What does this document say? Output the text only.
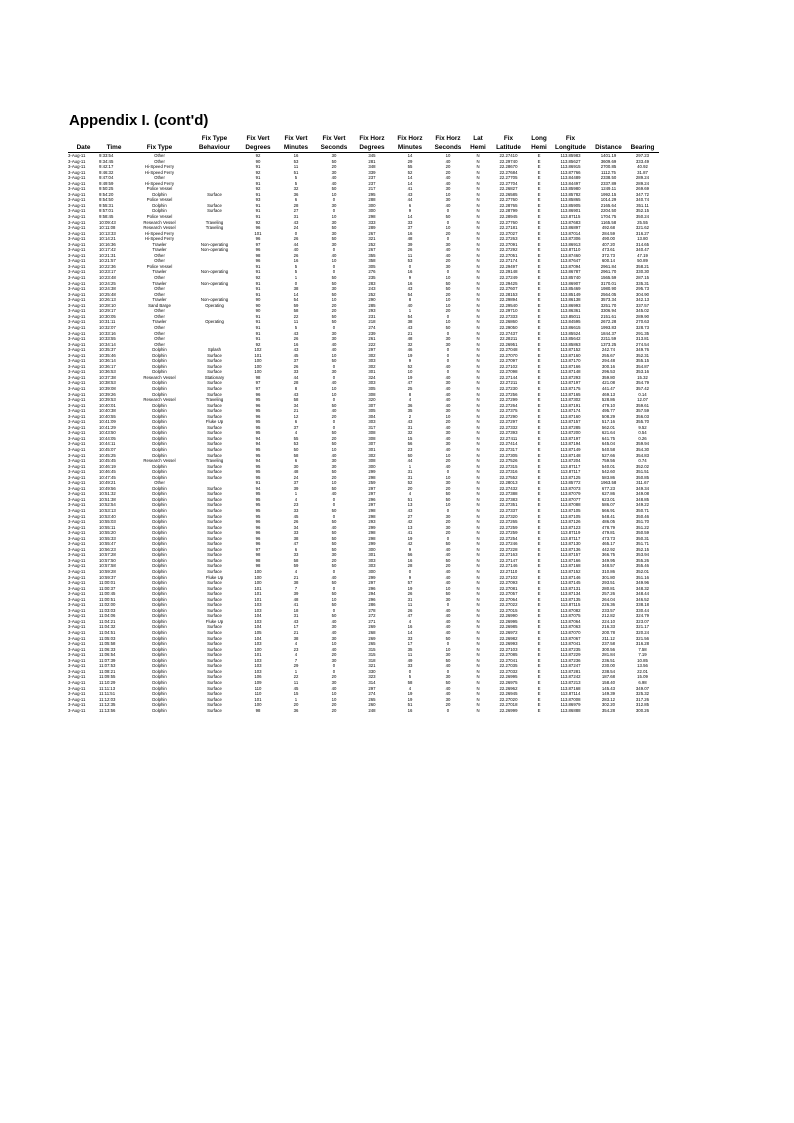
Appendix I. (cont'd)
			Fix Type	Fix Vert	Fix Vert	Fix Vert	Fix Horz	Fix Horz	Fix Horz	Lat	Fix	Long	Fix		
Date	Time	Fix Type	Behaviour	Degrees	Minutes	Seconds	Degrees	Minutes	Seconds	Hemi	Latitude	Hemi	Longitude	Distance	Bearing
3-Aug-11	9:33:54	Other		92	16	30	345	14	10	N	22.27410	E	113.85983	1401.19	297.23
3-Aug-11	9:34:45	Other		90	53	50	281	29	40	N	22.29740	E	113.85627	3609.69	333.49
3-Aug-11	9:42:17	Hi-Speed Ferry		91	11	20	348	55	20	N	22.28670	E	113.86915	2700.85	40.92
3-Aug-11	9:46:32	Hi-Speed Ferry		92	51	30	339	52	20	N	22.27684	E	113.87766	1112.75	31.87
3-Aug-11	9:47:04	Other		91	5	40	237	14	40	N	22.27705	E	113.84489	2338.50	289.24
3-Aug-11	9:49:59	Hi-Speed Ferry		91	5	40	237	14	40	N	22.27704	E	113.84497	2337.89	289.24
3-Aug-11	9:50:25	Police Vessel		92	32	50	217	41	30	N	22.26827	E	113.85980	1249.11	269.69
3-Aug-11	9:54:20	Dolphin	Surface	91	36	10	295	43	10	N	22.26585	E	113.85782	1992.15	347.72
3-Aug-11	9:54:50	Police Vessel		93	6	0	288	44	30	N	22.27760	E	113.85865	1014.29	340.74
3-Aug-11	9:55:31	Dolphin	Surface	91	28	30	300	6	40	N	22.28765	E	113.85905	2165.64	351.11
3-Aug-11	9:57:01	Dolphin	Surface	91	27	0	300	9	0	N	22.28799	E	113.86901	2204.50	352.15
3-Aug-11	9:58:45	Police Vessel		91	31	10	298	14	50	N	22.28945	E	113.87115	1704.75	350.24
3-Aug-11	10:09:43	Research Vessel	Traveling	92	43	30	333	33	0	N	22.27760	E	113.87683	1165.58	25.55
3-Aug-11	10:11:08	Research Vessel	Traveling	96	24	50	289	37	10	N	22.27181	E	113.86897	492.68	321.62
3-Aug-11	10:13:33	Hi-Speed Ferry		101	0	30	267	16	20	N	22.27027	E	113.87014	284.59	316.27
3-Aug-11	10:14:21	Hi-Speed Ferry		96	26	50	321	48	0	N	22.27263	E	113.87306	490.00	13.80
3-Aug-11	10:16:36	Trawler	Non-operating	97	44	30	252	39	30	N	22.27091	E	113.86913	407.20	314.65
3-Aug-11	10:17:42	Trawler	Non-operating	96	40	0	267	26	40	N	22.27292	E	113.87110	473.61	340.47
3-Aug-11	10:21:31	Other		98	26	40	355	11	40	N	22.27051	E	113.87460	372.73	47.19
3-Aug-11	10:21:57	Other		96	16	10	358	53	20	N	22.27174	E	113.87647	600.14	50.89
3-Aug-11	10:22:36	Police Vessel		91	5	0	305	0	30	N	22.29497	E	113.87094	2961.84	358.21
3-Aug-11	10:23:17	Trawler	Non-operating	91	5	0	276	16	0	N	22.29148	E	113.86787	2961.70	330.30
3-Aug-11	10:23:48	Other		92	1	50	235	9	10	N	22.27249	E	113.85740	1565.59	287.15
3-Aug-11	10:24:25	Trawler	Non-operating	91	0	50	283	16	50	N	22.29425	E	113.86907	3170.01	335.31
3-Aug-11	10:24:38	Other		91	38	30	243	43	50	N	22.27607	E	113.85469	1980.90	295.73
3-Aug-11	10:25:48	Other		91	14	50	252	54	20	N	22.28153	E	113.85149	2564.05	304.90
3-Aug-11	10:26:13	Trawler	Non-operating	90	54	10	290	8	10	N	22.29894	E	113.86138	3573.34	342.13
3-Aug-11	10:28:10	Sand Barge	Operating	90	59	20	285	40	10	N	22.29540	E	113.86993	3251.70	337.57
3-Aug-11	10:29:17	Other		90	58	20	293	1	20	N	22.29710	E	113.86361	3306.94	345.02
3-Aug-11	10:30:05	Other		91	22	50	231	54	0	N	22.27333	E	113.85011	2151.61	289.90
3-Aug-11	10:31:11	Trawler	Operating	91	11	50	218	38	10	N	22.26860	E	113.84595	2672.28	270.63
3-Aug-11	10:32:07	Other		91	5	0	274	43	50	N	22.29050	E	113.86615	1993.83	328.73
3-Aug-11	10:33:16	Other		91	43	30	239	21	0	N	22.27437	E	113.85524	1844.37	291.35
3-Aug-11	10:33:55	Other		91	26	30	261	48	30	N	22.28211	E	113.85642	2211.59	313.81
3-Aug-11	10:34:14	Other		92	16	40	222	32	30	N	22.26951	E	113.85863	1373.25	274.54
3-Aug-11	10:35:37	Dolphin	Splash	102	43	40	297	46	0	N	22.27048	E	113.87152	242.74	349.76
3-Aug-11	10:35:46	Dolphin	Surface	101	45	10	302	19	0	N	22.27070	E	113.87160	255.67	352.31
3-Aug-11	10:36:14	Dolphin	Surface	100	37	50	303	9	0	N	22.27097	E	113.87170	294.48	355.15
3-Aug-11	10:36:17	Dolphin	Surface	100	26	0	302	52	40	N	22.27102	E	113.87166	300.16	354.87
3-Aug-11	10:36:53	Dolphin	Surface	100	33	30	301	10	0	N	22.27098	E	113.87148	296.53	353.16
3-Aug-11	10:37:38	Research Vessel	Stationary	98	44	0	324	19	40	N	22.27144	E	113.87293	359.80	15.32
3-Aug-11	10:38:53	Dolphin	Surface	97	28	40	303	47	30	N	22.27211	E	113.87197	421.08	354.79
3-Aug-11	10:39:08	Dolphin	Surface	97	8	10	305	25	40	N	22.27230	E	113.87175	441.47	357.42
3-Aug-11	10:39:26	Dolphin	Surface	96	43	10	308	8	40	N	22.27256	E	113.87165	469.13	0.14
3-Aug-11	10:39:53	Research Vessel	Traveling	95	58	0	320	4	40	N	22.27299	E	113.87302	528.86	12.07
3-Aug-11	10:40:01	Dolphin	Surface	96	34	50	307	36	40	N	22.27264	E	113.87191	479.10	359.61
3-Aug-11	10:40:38	Dolphin	Surface	95	21	40	305	35	30	N	22.27375	E	113.87174	495.77	357.59
3-Aug-11	10:40:55	Dolphin	Surface	96	12	20	304	2	10	N	22.27290	E	113.87160	508.29	356.03
3-Aug-11	10:41:09	Dolphin	Fluke Up	95	6	0	303	43	20	N	22.27297	E	113.87157	517.16	355.70
3-Aug-11	10:41:29	Dolphin	Surface	95	37	0	317	31	40	N	22.27332	E	113.87285	562.01	9.52
3-Aug-11	10:43:50	Dolphin	Surface	95	4	50	308	32	30	N	22.27393	E	113.87200	621.64	0.54
3-Aug-11	10:44:05	Dolphin	Surface	94	55	20	308	15	40	N	22.27411	E	113.87197	641.75	0.26
3-Aug-11	10:44:11	Dolphin	Surface	94	53	50	307	56	30	N	22.27414	E	113.87194	645.04	359.94
3-Aug-11	10:45:07	Dolphin	Surface	95	50	10	301	23	40	N	22.27317	E	113.87149	540.58	354.30
3-Aug-11	10:45:25	Dolphin	Surface	95	58	40	302	50	10	N	22.27305	E	113.87148	527.66	354.83
3-Aug-11	10:45:45	Research Vessel	Traveling	94	6	30	308	44	20	N	22.27526	E	113.87204	759.56	0.74
3-Aug-11	10:46:19	Dolphin	Surface	95	30	30	300	1	40	N	22.27315	E	113.87117	540.01	352.02
3-Aug-11	10:46:45	Dolphin	Surface	95	48	50	299	31	0	N	22.27316	E	113.87117	542.60	351.51
3-Aug-11	10:47:45	Dolphin	Surface	95	24	20	298	31	10	N	22.27552	E	113.87125	583.86	350.85
3-Aug-11	10:49:21	Other		91	37	10	259	52	30	N	22.28013	E	113.85772	1963.58	311.67
3-Aug-11	10:49:56	Dolphin	Surface	94	39	50	297	20	20	N	22.27432	E	113.87073	677.23	349.34
3-Aug-11	10:51:32	Dolphin	Surface	95	1	40	297	4	50	N	22.27388	E	113.87079	627.86	349.08
3-Aug-11	10:51:38	Dolphin	Surface	95	4	0	296	51	50	N	22.27383	E	113.87077	623.01	348.85
3-Aug-11	10:52:54	Dolphin	Surface	95	23	0	297	13	10	N	22.27351	E	113.87088	586.07	349.22
3-Aug-11	10:53:13	Dolphin	Surface	95	33	50	298	43	0	N	22.27337	E	113.87105	566.91	350.71
3-Aug-11	10:53:40	Dolphin	Surface	95	45	0	298	27	30	N	22.27320	E	113.87105	548.41	350.46
3-Aug-11	10:55:03	Dolphin	Surface	96	26	50	293	42	20	N	22.27265	E	113.87126	486.05	351.70
3-Aug-11	10:55:11	Dolphin	Surface	96	34	40	299	13	30	N	22.27259	E	113.87123	478.79	351.22
3-Aug-11	10:55:20	Dolphin	Surface	96	33	50	298	41	20	N	22.27259	E	113.87119	479.81	350.59
3-Aug-11	10:55:33	Dolphin	Surface	96	38	50	298	19	0	N	22.27254	E	113.87117	473.73	350.31
3-Aug-11	10:55:47	Dolphin	Surface	96	47	50	299	42	50	N	22.27246	E	113.87130	465.17	351.71
3-Aug-11	10:56:23	Dolphin	Surface	97	6	50	300	9	40	N	22.27228	E	113.87136	442.92	352.15
3-Aug-11	10:57:28	Dolphin	Surface	98	33	30	301	56	40	N	22.27163	E	113.87157	366.75	353.94
3-Aug-11	10:57:50	Dolphin	Surface	98	58	20	303	16	50	N	22.27147	E	113.87166	349.95	355.26
3-Aug-11	10:57:58	Dolphin	Surface	98	59	50	303	28	20	N	22.27146	E	113.87168	348.57	355.46
3-Aug-11	10:59:28	Dolphin	Surface	100	4	0	300	0	40	N	22.27110	E	113.87152	310.86	352.01
3-Aug-11	10:59:37	Dolphin	Fluke Up	100	21	40	299	9	40	N	22.27102	E	113.87146	301.80	351.16
3-Aug-11	11:00:01	Dolphin	Surface	100	38	50	297	57	40	N	22.27093	E	113.87145	293.51	349.96
3-Aug-11	11:00:37	Dolphin	Surface	101	7	0	296	19	10	N	22.27081	E	113.87131	280.81	348.32
3-Aug-11	11:00:45	Dolphin	Surface	101	39	50	294	26	50	N	22.27057	E	113.87134	257.26	348.44
3-Aug-11	11:00:51	Dolphin	Surface	101	48	10	296	31	30	N	22.27064	E	113.87135	264.04	346.52
3-Aug-11	11:02:00	Dolphin	Surface	103	41	50	286	11	0	N	22.27022	E	113.87115	226.36	338.18
3-Aug-11	11:03:03	Dolphin	Surface	103	18	0	278	26	40	N	22.27015	E	113.87082	233.57	330.44
3-Aug-11	11:04:06	Dolphin	Surface	104	31	50	272	47	40	N	22.26990	E	113.87075	212.82	324.79
3-Aug-11	11:04:21	Dolphin	Fluke Up	103	43	40	271	4	40	N	22.26995	E	113.87064	224.10	323.07
3-Aug-11	11:04:32	Dolphin	Surface	104	17	30	269	16	40	N	22.26985	E	113.87063	216.33	321.17
3-Aug-11	11:04:51	Dolphin	Surface	105	21	40	268	14	40	N	22.26972	E	113.87070	200.78	320.24
3-Aug-11	11:05:03	Dolphin	Surface	104	38	30	269	33	50	N	22.26982	E	113.87067	211.12	321.56
3-Aug-11	11:05:58	Dolphin	Surface	103	4	10	265	17	0	N	22.26993	E	113.87041	237.58	316.28
3-Aug-11	11:06:33	Dolphin	Surface	100	23	40	315	35	10	N	22.27103	E	113.87235	300.56	7.58
3-Aug-11	11:06:54	Dolphin	Surface	101	4	20	315	11	30	N	22.27085	E	113.87229	281.84	7.19
3-Aug-11	11:07:39	Dolphin	Surface	103	7	30	318	49	50	N	22.27041	E	113.87236	236.51	10.85
3-Aug-11	11:07:53	Dolphin	Surface	103	29	0	321	33	40	N	22.27035	E	113.87247	230.00	13.56
3-Aug-11	11:08:21	Dolphin	Surface	103	1	0	330	0	0	N	22.27032	E	113.87281	238.54	22.01
3-Aug-11	11:09:55	Dolphin	Surface	106	22	20	323	5	30	N	22.26995	E	113.87242	187.68	15.09
3-Aug-11	11:10:29	Dolphin	Surface	109	11	30	314	58	50	N	22.26975	E	113.87213	158.40	6.98
3-Aug-11	11:11:13	Dolphin	Surface	110	45	40	297	4	40	N	22.26962	E	113.87168	145.43	349.07
3-Aug-11	11:11:51	Dolphin	Surface	110	15	10	274	19	40	N	22.26945	E	113.87114	149.39	325.32
3-Aug-11	11:12:03	Dolphin	Surface	101	1	10	265	19	30	N	22.27020	E	113.87008	283.12	317.26
3-Aug-11	11:12:35	Dolphin	Surface	100	20	20	260	51	20	N	22.27018	E	113.86979	302.20	312.85
3-Aug-11	11:13:56	Dolphin	Surface	98	36	20	248	16	0	N	22.26999	E	113.86888	354.28	300.26
